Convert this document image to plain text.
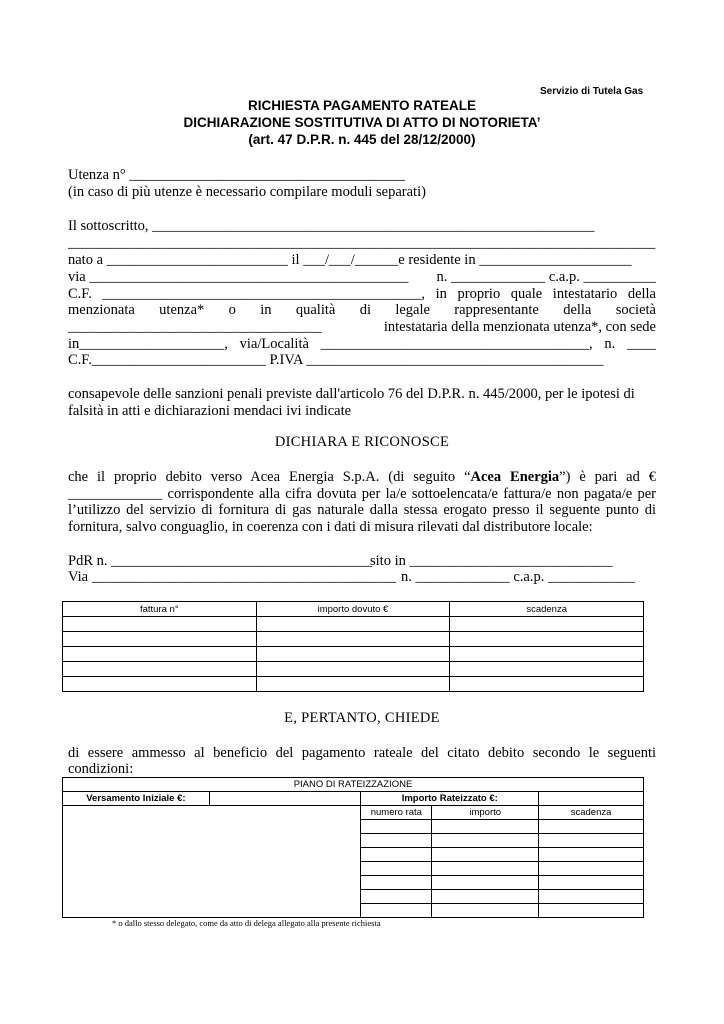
Servizio di Tutela Gas
RICHIESTA PAGAMENTO RATEALE
DICHIARAZIONE SOSTITUTIVA DI ATTO DI NOTORIETA’
(art. 47 D.P.R. n. 445 del 28/12/2000)
Utenza n° ______________________________________
(in caso di più utenze è necessario compilare moduli separati)
Il sottoscritto, _____________________________________________________________
_________________________________________________________________________________
nato a _________________________ il ___/___/______e residente in _____________________
via ____________________________________________ n. _____________ c.a.p. __________
C.F. ____________________________________________, in proprio quale intestatario della
menzionata utenza* o in qualità di legale rappresentante della società
___________________________________	intestataria della menzionata utenza*, con sede
in____________________, via/Località _____________________________________, n. ____
C.F.________________________ P.IVA _________________________________________
consapevole delle sanzioni penali previste dall'articolo 76 del D.P.R. n. 445/2000, per le ipotesi di
falsità in atti e dichiarazioni mendaci ivi indicate
DICHIARA E RICONOSCE
che il proprio debito verso Acea Energia S.p.A. (di seguito “Acea Energia”) è pari ad €
_____________ corrispondente alla cifra dovuta per la/e sottoelencata/e fattura/e non pagata/e per
l’utilizzo del servizio di fornitura di gas naturale dalla stessa erogato presso il seguente punto di
fornitura, salvo conguaglio, in coerenza con i dati di misura rilevati dal distributore locale:
PdR n. ____________________________________
sito in ____________________________
Via __________________________________________ n. _____________ c.a.p. ____________
fattura n°	importo dovuto €	scadenza

E, PERTANTO, CHIEDE
di essere ammesso al beneficio del pagamento rateale del citato debito secondo le seguenti
condizioni:
PIANO DI RATEIZZAZIONE				
Versamento Iniziale €:		Importo Rateizzato €:		
		numero rata	importo	scadenza

* o dallo stesso delegato, come da atto di delega allegato alla presente richiesta
